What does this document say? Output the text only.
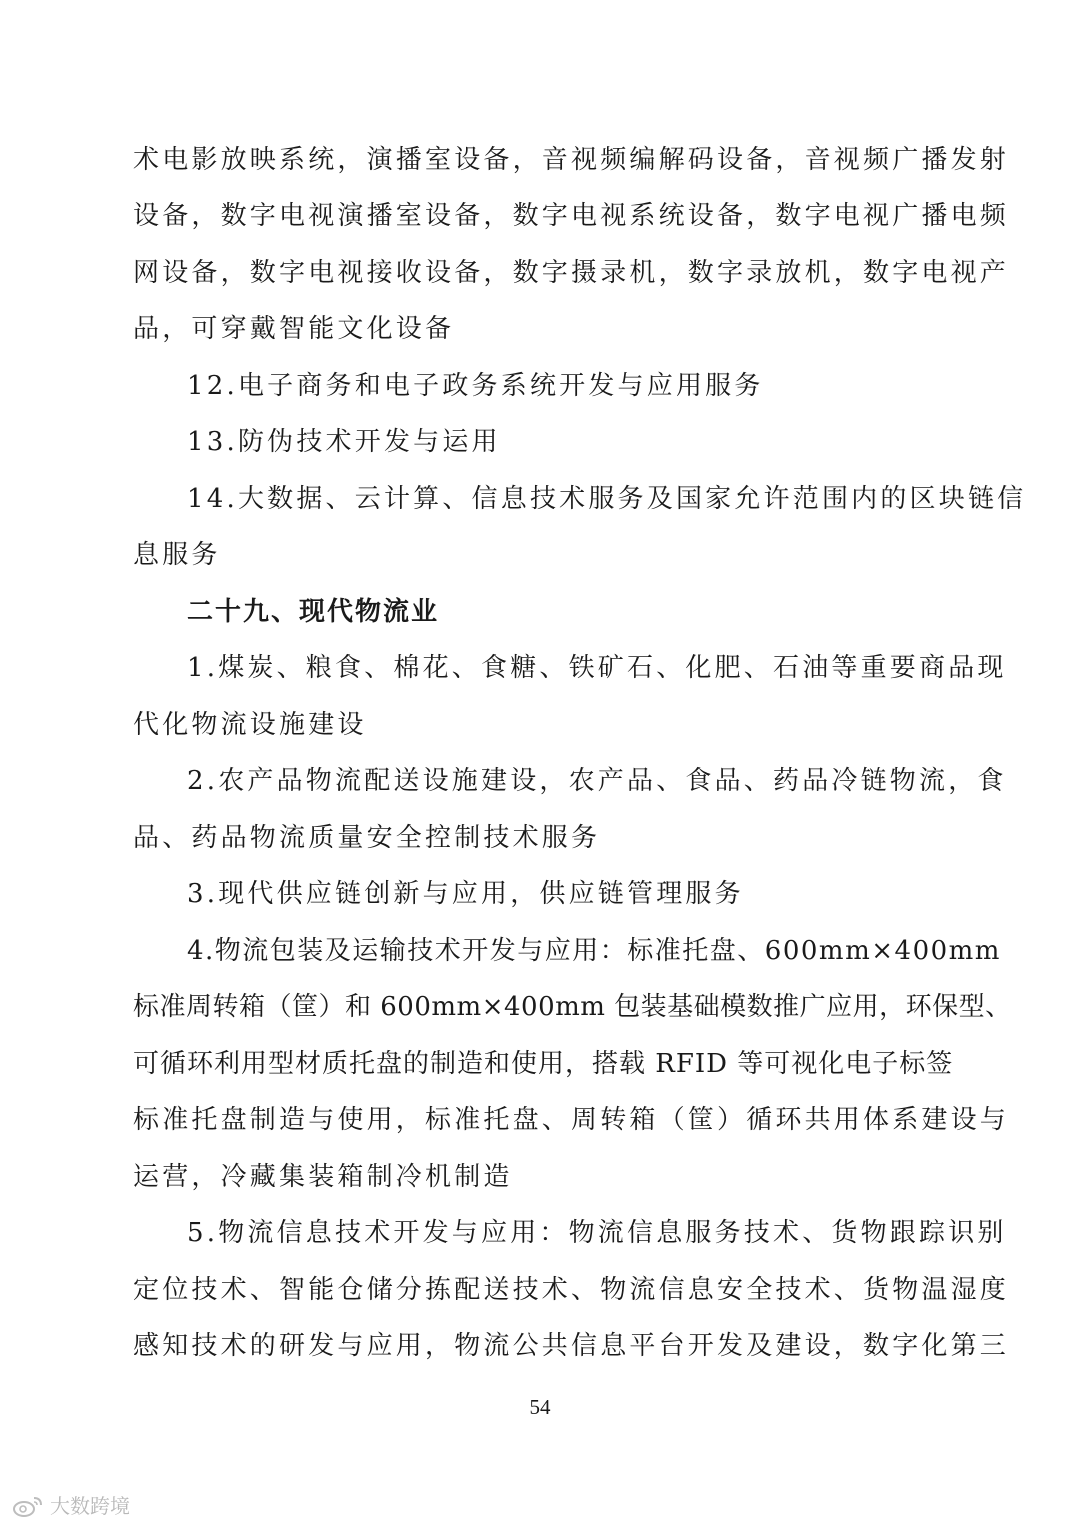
术电影放映系统，演播室设备，音视频编解码设备，音视频广播发射
设备，数字电视演播室设备，数字电视系统设备，数字电视广播电频
网设备，数字电视接收设备，数字摄录机，数字录放机，数字电视产
品，可穿戴智能文化设备
12.电子商务和电子政务系统开发与应用服务
13.防伪技术开发与运用
14.大数据、云计算、信息技术服务及国家允许范围内的区块链信
息服务
二十九、现代物流业
1.煤炭、粮食、棉花、食糖、铁矿石、化肥、石油等重要商品现
代化物流设施建设
2.农产品物流配送设施建设，农产品、食品、药品冷链物流，食
品、药品物流质量安全控制技术服务
3.现代供应链创新与应用，供应链管理服务
4.物流包装及运输技术开发与应用：标准托盘、600mm×400mm
标准周转箱（筐）和 600mm×400mm 包装基础模数推广应用，环保型、
可循环利用型材质托盘的制造和使用，搭载 RFID 等可视化电子标签
标准托盘制造与使用，标准托盘、周转箱（筐）循环共用体系建设与
运营，冷藏集装箱制冷机制造
5.物流信息技术开发与应用：物流信息服务技术、货物跟踪识别
定位技术、智能仓储分拣配送技术、物流信息安全技术、货物温湿度
感知技术的研发与应用，物流公共信息平台开发及建设，数字化第三
54
大数跨境
